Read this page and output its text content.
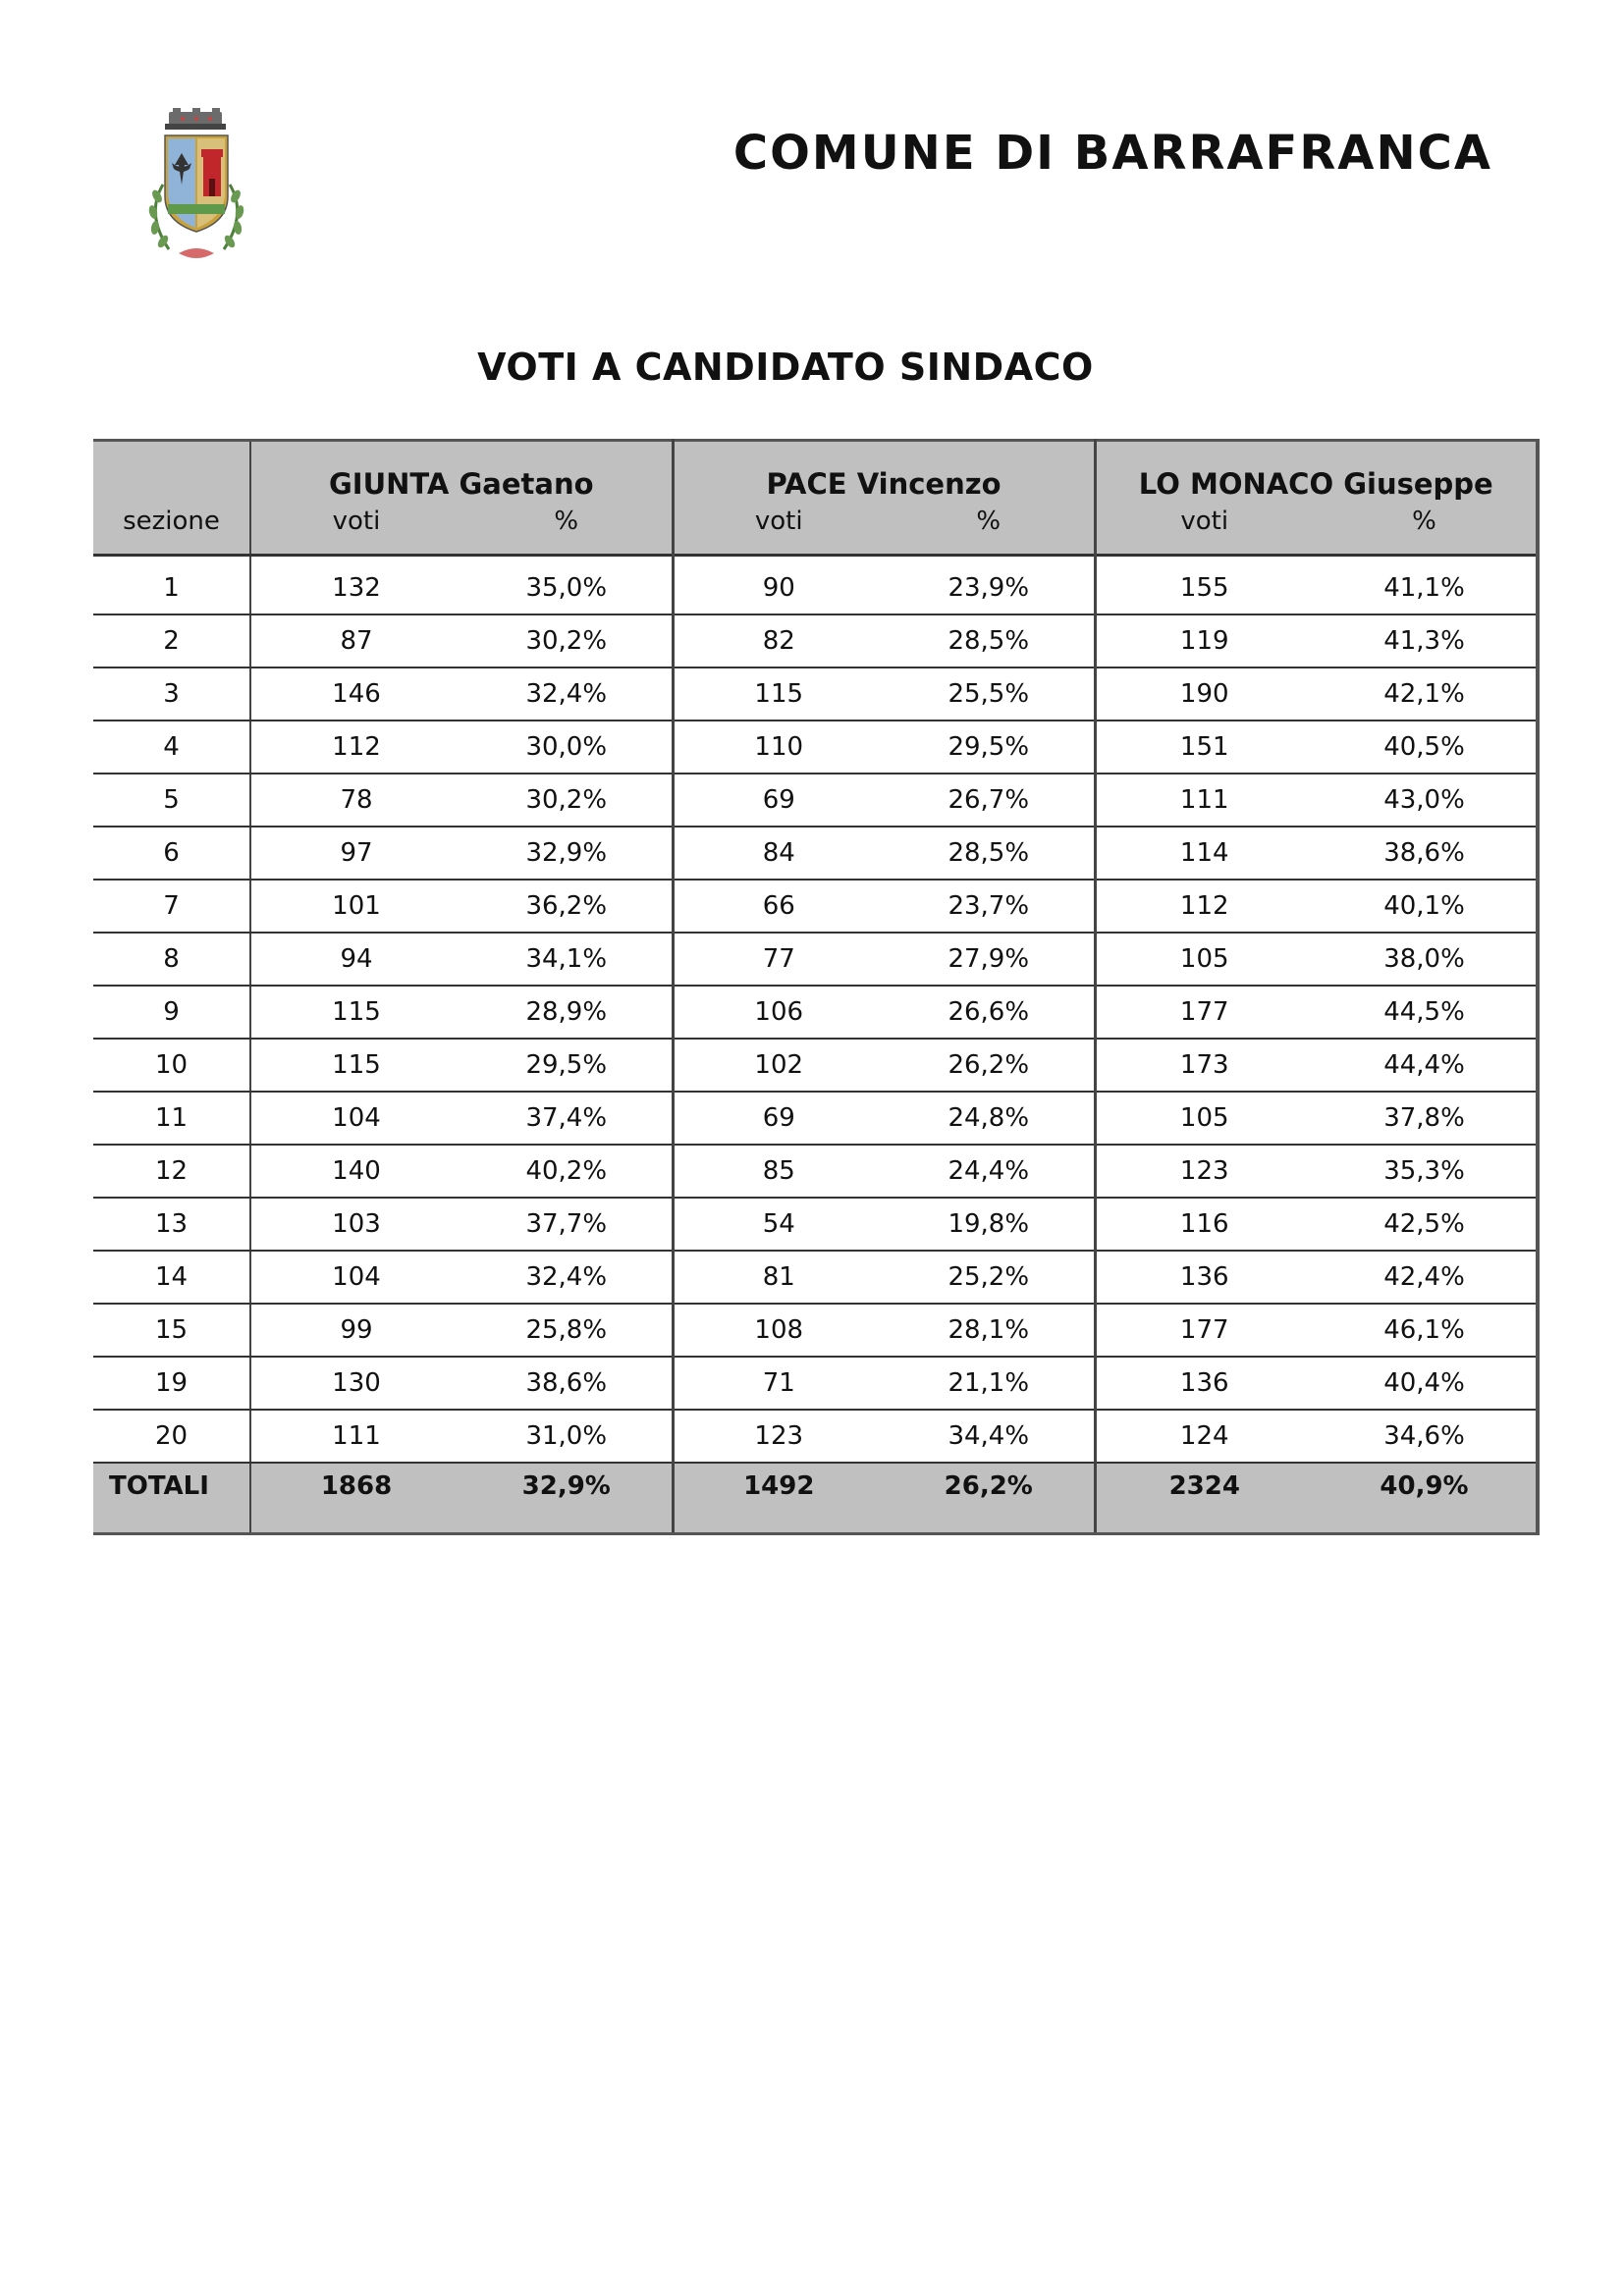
COMUNE DI BARRAFRANCA
VOTI A CANDIDATO SINDACO
	GIUNTA Gaetano		PACE Vincenzo		LO MONACO Giuseppe	
sezione	voti	%	voti	%	voti	%
1	132	35,0%	90	23,9%	155	41,1%
2	87	30,2%	82	28,5%	119	41,3%
3	146	32,4%	115	25,5%	190	42,1%
4	112	30,0%	110	29,5%	151	40,5%
5	78	30,2%	69	26,7%	111	43,0%
6	97	32,9%	84	28,5%	114	38,6%
7	101	36,2%	66	23,7%	112	40,1%
8	94	34,1%	77	27,9%	105	38,0%
9	115	28,9%	106	26,6%	177	44,5%
10	115	29,5%	102	26,2%	173	44,4%
11	104	37,4%	69	24,8%	105	37,8%
12	140	40,2%	85	24,4%	123	35,3%
13	103	37,7%	54	19,8%	116	42,5%
14	104	32,4%	81	25,2%	136	42,4%
15	99	25,8%	108	28,1%	177	46,1%
19	130	38,6%	71	21,1%	136	40,4%
20	111	31,0%	123	34,4%	124	34,6%
TOTALI	1868	32,9%	1492	26,2%	2324	40,9%
